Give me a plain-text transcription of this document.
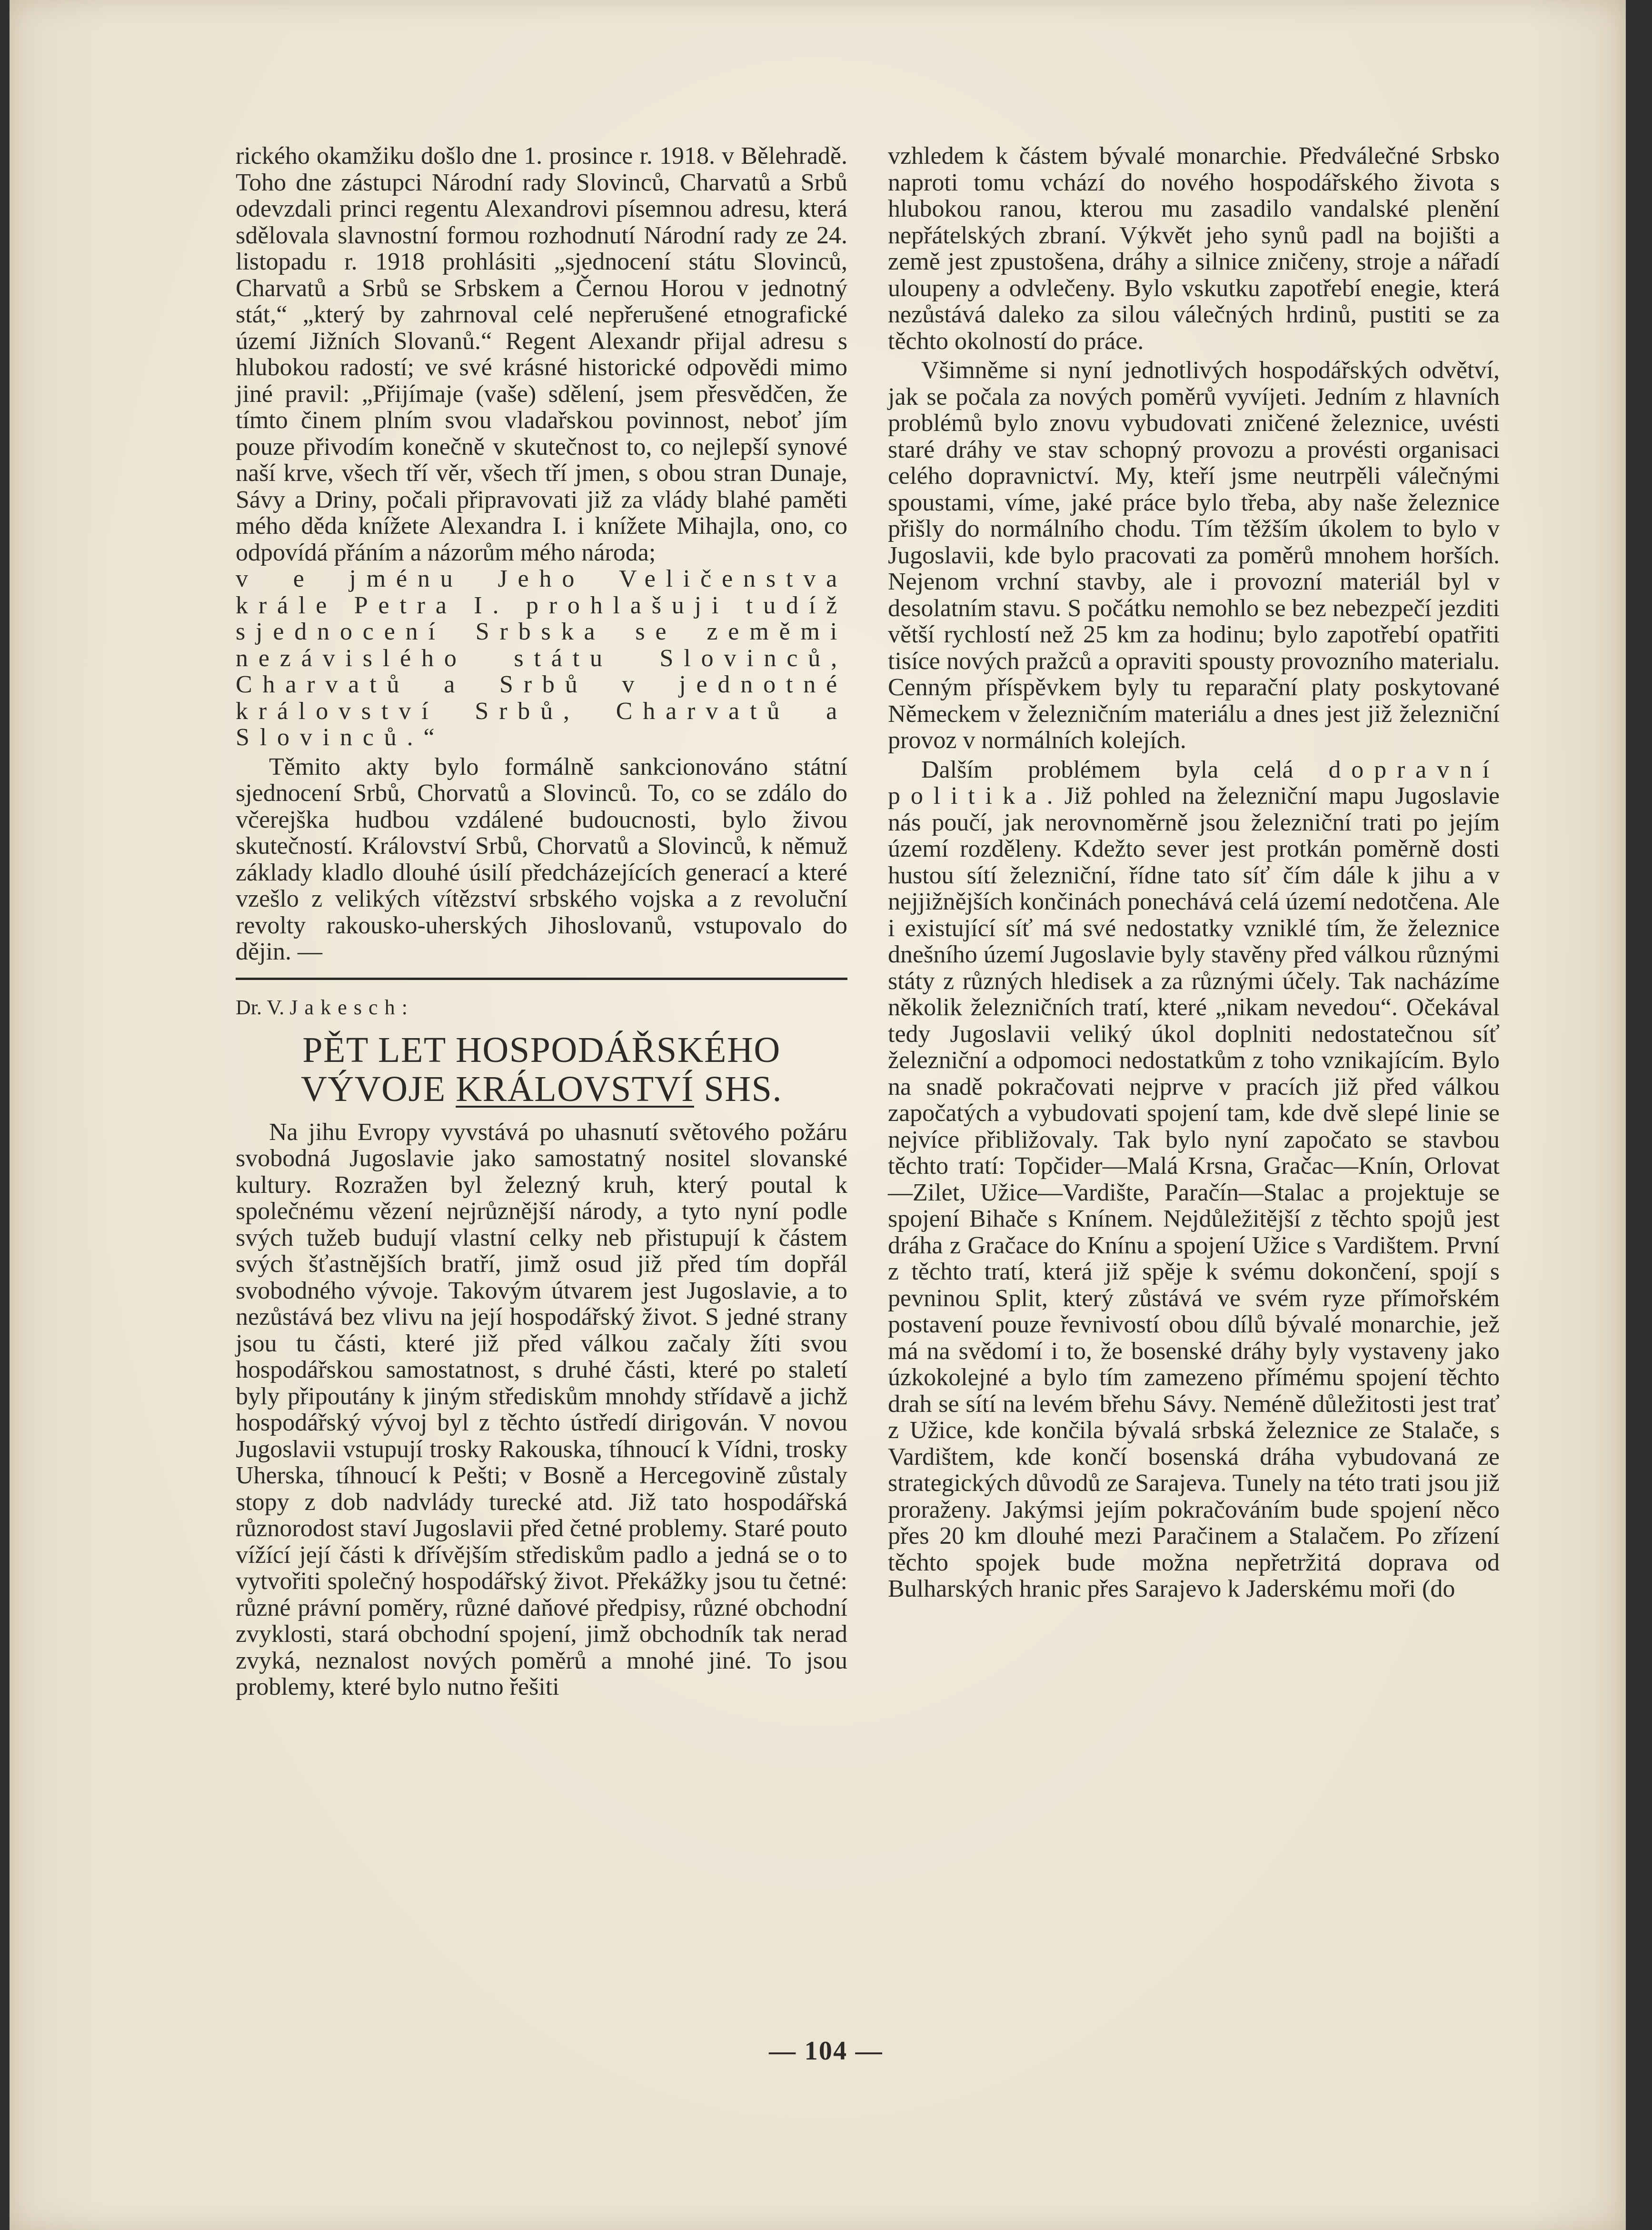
rického okamžiku došlo dne 1. prosince r. 1918. v Bělehradě. Toho dne zástupci Národní rady Slovinců, Charvatů a Srbů odevzdali princi regentu Alexandrovi písemnou adresu, která sdělovala slavnostní formou rozhodnutí Národní rady ze 24. listopadu r. 1918 prohlásiti „sjednocení státu Slovinců, Charvatů a Srbů se Srbskem a Černou Horou v jednotný stát,“ „který by zahrnoval celé nepřerušené etnografické území Jižních Slovanů.“ Regent Alexandr přijal adresu s hlubokou radostí; ve své krásné historické odpovědi mimo jiné pravil: „Přijímaje (vaše) sdělení, jsem přesvědčen, že tímto činem plním svou vladařskou povinnost, neboť jím pouze přivodím konečně v skutečnost to, co nejlepší synové naší krve, všech tří věr, všech tří jmen, s obou stran Dunaje, Sávy a Driny, počali připravovati již za vlády blahé paměti mého děda knížete Alexandra I. i knížete Mihajla, ono, co odpovídá přáním a názorům mého národa;

v e jménu Jeho Veličenstva krále Petra I. prohlašuji tudíž sjednocení Srbska se zeměmi nezávislého státu Slovinců, Charvatů a Srbů v jednotné království Srbů, Charvatů a Slovinců.“

Těmito akty bylo formálně sankcionováno státní sjednocení Srbů, Chorvatů a Slovinců. To, co se zdálo do včerejška hudbou vzdálené budoucnosti, bylo živou skutečností. Království Srbů, Chorvatů a Slovinců, k němuž základy kladlo dlouhé úsilí předcházejících generací a které vzešlo z velikých vítězství srbského vojska a z revoluční revolty rakousko-uherských Jihoslovanů, vstupovalo do dějin. —

Dr. V. Jakesch:
PĚT LET HOSPODÁŘSKÉHO
VÝVOJE KRÁLOVSTVÍ SHS.

Na jihu Evropy vyvstává po uhasnutí světového požáru svobodná Jugoslavie jako samostatný nositel slovanské kultury. Rozražen byl železný kruh, který poutal k společnému vězení nejrůznější národy, a tyto nyní podle svých tužeb budují vlastní celky neb přistupují k částem svých šťastnějších bratří, jimž osud již před tím dopřál svobodného vývoje. Takovým útvarem jest Jugoslavie, a to nezůstává bez vlivu na její hospodářský život. S jedné strany jsou tu části, které již před válkou začaly žíti svou hospodářskou samostatnost, s druhé části, které po staletí byly připoutány k jiným střediskům mnohdy střídavě a jichž hospodářský vývoj byl z těchto ústředí dirigován. V novou Jugoslavii vstupují trosky Rakouska, tíhnoucí k Vídni, trosky Uherska, tíhnoucí k Pešti; v Bosně a Hercegovině zůstaly stopy z dob nadvlády turecké atd. Již tato hospodářská různorodost staví Jugoslavii před četné problemy. Staré pouto vížící její části k dřívějším střediskům padlo a jedná se o to vytvořiti společný hospodářský život. Překážky jsou tu četné: různé právní poměry, různé daňové předpisy, různé obchodní zvyklosti, stará obchodní spojení, jimž obchodník tak nerad zvyká, neznalost nových poměrů a mnohé jiné. To jsou problemy, které bylo nutno řešiti

vzhledem k částem bývalé monarchie. Předválečné Srbsko naproti tomu vchází do nového hospodářského života s hlubokou ranou, kterou mu zasadilo vandalské plenění nepřátelských zbraní. Výkvět jeho synů padl na bojišti a země jest zpustošena, dráhy a silnice zničeny, stroje a nářadí uloupeny a odvlečeny. Bylo vskutku zapotřebí enegie, která nezůstává daleko za silou válečných hrdinů, pustiti se za těchto okolností do práce.

Všimněme si nyní jednotlivých hospodářských odvětví, jak se počala za nových poměrů vyvíjeti. Jedním z hlavních problémů bylo znovu vybudovati zničené železnice, uvésti staré dráhy ve stav schopný provozu a provésti organisaci celého dopravnictví. My, kteří jsme neutrpěli válečnými spoustami, víme, jaké práce bylo třeba, aby naše železnice přišly do normálního chodu. Tím těžším úkolem to bylo v Jugoslavii, kde bylo pracovati za poměrů mnohem horších. Nejenom vrchní stavby, ale i provozní materiál byl v desolatním stavu. S počátku nemohlo se bez nebezpečí jezditi větší rychlostí než 25 km za hodinu; bylo zapotřebí opatřiti tisíce nových pražců a opraviti spousty provozního materialu. Cenným příspěvkem byly tu reparační platy poskytované Německem v železničním materiálu a dnes jest již železniční provoz v normálních kolejích.

Dalším problémem byla celá dopravní politika. Již pohled na železniční mapu Jugoslavie nás poučí, jak nerovnoměrně jsou železniční trati po jejím území rozděleny. Kdežto sever jest protkán poměrně dosti hustou sítí železniční, řídne tato síť čím dále k jihu a v nejjižnějších končinách ponechává celá území nedotčena. Ale i existující síť má své nedostatky vzniklé tím, že železnice dnešního území Jugoslavie byly stavěny před válkou různými státy z různých hledisek a za různými účely. Tak nacházíme několik železničních tratí, které „nikam nevedou“. Očekával tedy Jugoslavii veliký úkol doplniti nedostatečnou síť železniční a odpomoci nedostatkům z toho vznikajícím. Bylo na snadě pokračovati nejprve v pracích již před válkou započatých a vybudovati spojení tam, kde dvě slepé linie se nejvíce přibližovaly. Tak bylo nyní započato se stavbou těchto tratí: Topčider—Malá Krsna, Gračac—Knín, Orlovat—Zilet, Užice—Vardište, Paračín—Stalac a projektuje se spojení Bihače s Knínem. Nejdůležitější z těchto spojů jest dráha z Gračace do Knínu a spojení Užice s Vardištem. První z těchto tratí, která již spěje k svému dokončení, spojí s pevninou Split, který zůstává ve svém ryze přímořském postavení pouze řevnivostí obou dílů bývalé monarchie, jež má na svědomí i to, že bosenské dráhy byly vystaveny jako úzkokolejné a bylo tím zamezeno přímému spojení těchto drah se sítí na levém břehu Sávy. Neméně důležitosti jest trať z Užice, kde končila bývalá srbská železnice ze Stalače, s Vardištem, kde končí bosenská dráha vybudovaná ze strategických důvodů ze Sarajeva. Tunely na této trati jsou již proraženy. Jakýmsi jejím pokračováním bude spojení něco přes 20 km dlouhé mezi Paračinem a Stalačem. Po zřízení těchto spojek bude možna nepřetržitá doprava od Bulharských hranic přes Sarajevo k Jaderskému moři (do

— 104 —
